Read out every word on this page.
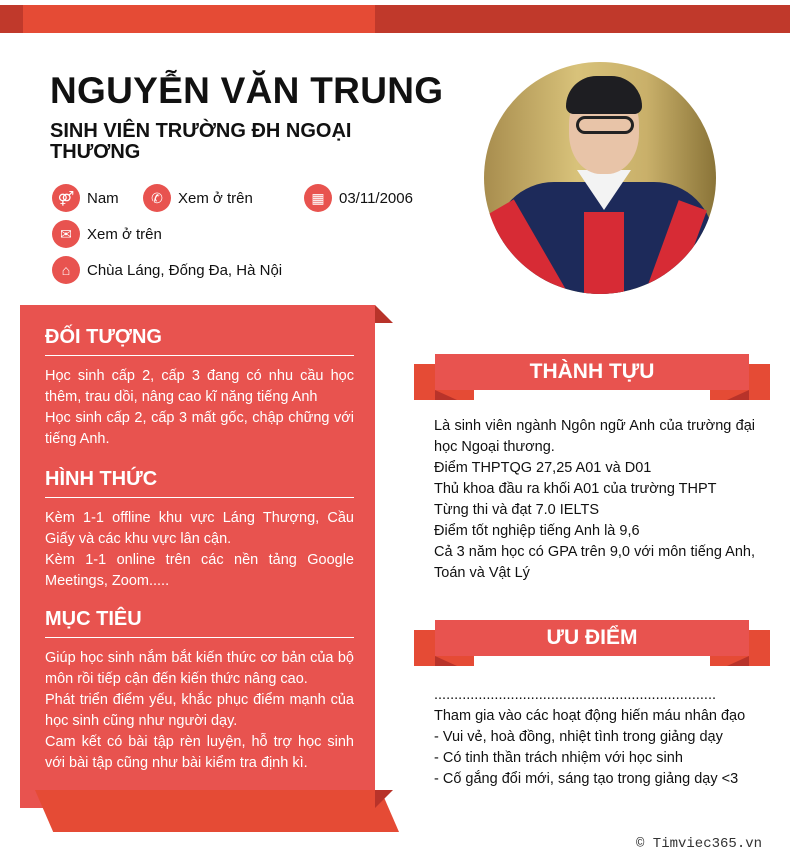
NGUYỄN VĂN TRUNG
SINH VIÊN TRƯỜNG ĐH NGOẠI THƯƠNG
⚤ Nam	✆	Xem ở trên	▦ 03/11/2006
✉	Xem ở trên
⌂	Chùa Láng, Đống Đa, Hà Nội
ĐỐI TƯỢNG

Học sinh cấp 2, cấp 3 đang có nhu cầu học thêm, trau dồi, nâng cao kĩ năng tiếng Anh

Học sinh cấp 2, cấp 3 mất gốc, chập chững với tiếng Anh.

HÌNH THỨC

Kèm 1-1 offline khu vực Láng Thượng, Cầu Giấy và các khu vực lân cận.

Kèm 1-1 online trên các nền tảng Google Meetings, Zoom.....

MỤC TIÊU

Giúp học sinh nắm bắt kiến thức cơ bản của bộ môn rồi tiếp cận đến kiến thức nâng cao.

Phát triển điểm yếu, khắc phục điểm mạnh của học sinh cũng như người dạy.

Cam kết có bài tập rèn luyện, hỗ trợ học sinh với bài tập cũng như bài kiểm tra định kì.

THÀNH TỰU

Là sinh viên ngành Ngôn ngữ Anh của trường đại học Ngoại thương.

Điểm THPTQG 27,25 A01 và D01

Thủ khoa đầu ra khối A01 của trường THPT

Từng thi và đạt 7.0 IELTS

Điểm tốt nghiệp tiếng Anh là 9,6

Cả 3 năm học có GPA trên 9,0 với môn tiếng Anh, Toán và Vật Lý

ƯU ĐIỂM

......................................................................

Tham gia vào các hoạt động hiến máu nhân đạo

- Vui vẻ, hoà đồng, nhiệt tình trong giảng dạy

- Có tinh thần trách nhiệm với học sinh

- Cố gắng đổi mới, sáng tạo trong giảng dạy <3

© Timviec365.vn
